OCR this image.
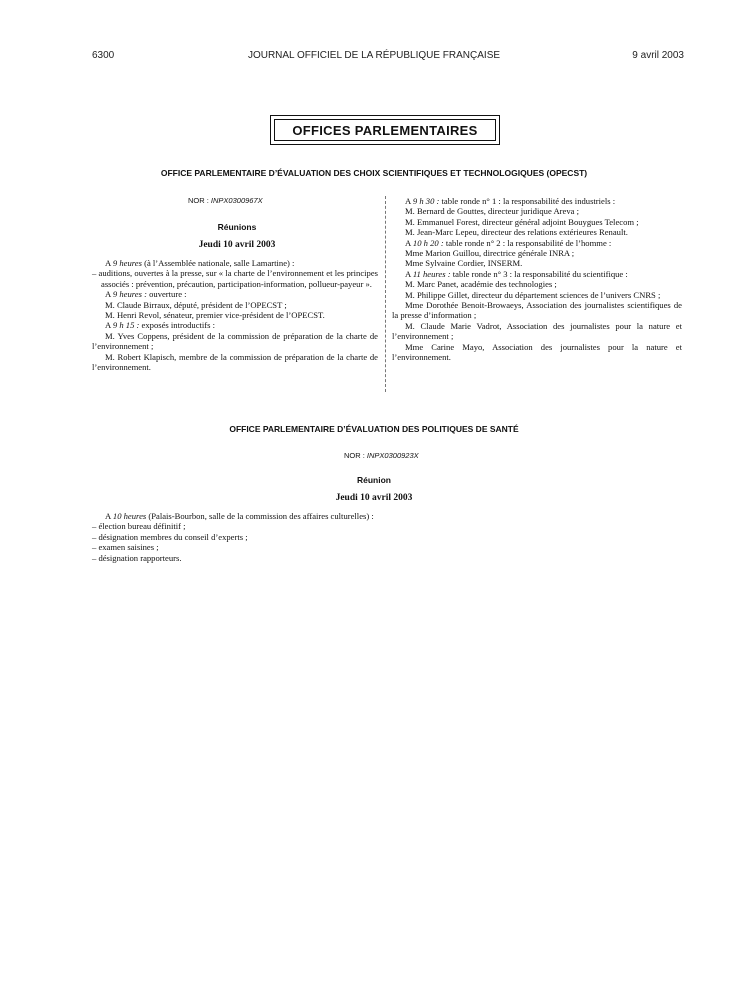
6300	JOURNAL OFFICIEL DE LA RÉPUBLIQUE FRANÇAISE	9 avril 2003
OFFICES PARLEMENTAIRES
OFFICE PARLEMENTAIRE D’ÉVALUATION DES CHOIX SCIENTIFIQUES ET TECHNOLOGIQUES (OPECST)
NOR : INPX0300967X
Réunions
Jeudi 10 avril 2003

A 9 heures (à l’Assemblée nationale, salle Lamartine) :

– auditions, ouvertes à la presse, sur « la charte de l’environnement et les principes associés : prévention, précaution, participation-information, pollueur-payeur ».

A 9 heures : ouverture :

M. Claude Birraux, député, président de l’OPECST ;

M. Henri Revol, sénateur, premier vice-président de l’OPECST.

A 9 h 15 : exposés introductifs :

M. Yves Coppens, président de la commission de préparation de la charte de l’environnement ;

M. Robert Klapisch, membre de la commission de préparation de la charte de l’environnement.

A 9 h 30 : table ronde n° 1 : la responsabilité des industriels :

M. Bernard de Gouttes, directeur juridique Areva ;

M. Emmanuel Forest, directeur général adjoint Bouygues Telecom ;

M. Jean-Marc Lepeu, directeur des relations extérieures Renault.

A 10 h 20 : table ronde n° 2 : la responsabilité de l’homme :

Mme Marion Guillou, directrice générale INRA ;

Mme Sylvaine Cordier, INSERM.

A 11 heures : table ronde n° 3 : la responsabilité du scientifique :

M. Marc Panet, académie des technologies ;

M. Philippe Gillet, directeur du département sciences de l’univers CNRS ;

Mme Dorothée Benoit-Browaeys, Association des journalistes scientifiques de la presse d’information ;

M. Claude Marie Vadrot, Association des journalistes pour la nature et l’environnement ;

Mme Carine Mayo, Association des journalistes pour la nature et l’environnement.

OFFICE PARLEMENTAIRE D’ÉVALUATION DES POLITIQUES DE SANTÉ
NOR : INPX0300923X
Réunion
Jeudi 10 avril 2003

A 10 heures (Palais-Bourbon, salle de la commission des affaires culturelles) :

– élection bureau définitif ;

– désignation membres du conseil d’experts ;

– examen saisines ;

– désignation rapporteurs.
